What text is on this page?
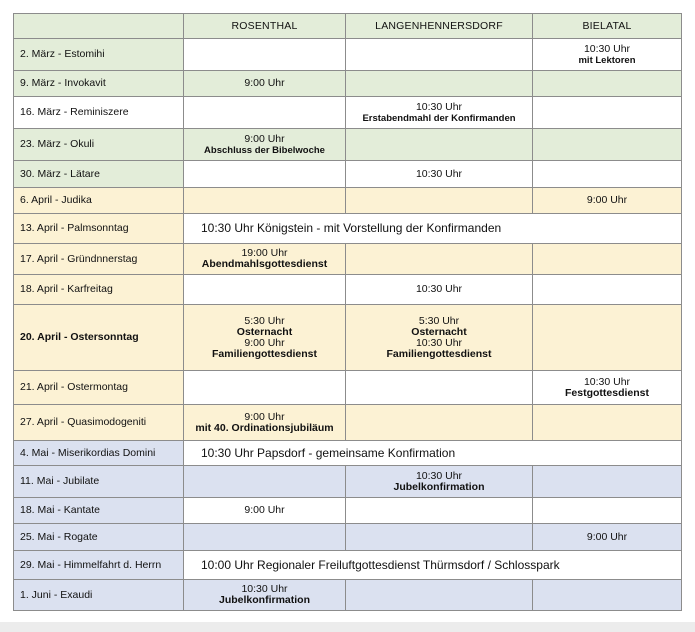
	ROSENTHAL	LANGENHENNERSDORF	BIELATAL
2. März - Estomihi			10:30 Uhr
mit Lektoren

9. März - Invokavit	9:00 Uhr		
16. März - Reminiszere		10:30 Uhr
Erstabendmahl der Konfirmanden	

23. März - Okuli	9:00 Uhr
Abschluss der Bibelwoche		

30. März - Lätare		10:30 Uhr	
6. April - Judika			9:00 Uhr
13. April - Palmsonntag	10:30 Uhr Königstein - mit Vorstellung der Konfirmanden		
17. April - Gründnnerstag	19:00 Uhr
Abendmahlsgottesdienst		

18. April - Karfreitag		10:30 Uhr	
20. April - Ostersonntag	5:30 Uhr
Osternacht
9:00 Uhr
Familiengottesdienst	5:30 Uhr
Osternacht
10:30 Uhr
Familiengottesdienst	

21. April - Ostermontag			10:30 Uhr
Festgottesdienst

27. April - Quasimodogeniti	9:00 Uhr
mit 40. Ordinationsjubiläum		

4. Mai - Miserikordias Domini	10:30 Uhr Papsdorf - gemeinsame Konfirmation		
11. Mai - Jubilate		10:30 Uhr
Jubelkonfirmation	

18. Mai - Kantate	9:00 Uhr		
25. Mai - Rogate			9:00 Uhr
29. Mai - Himmelfahrt d. Herrn	10:00 Uhr Regionaler Freiluftgottesdienst Thürmsdorf / Schlosspark		
1. Juni - Exaudi	10:30 Uhr
Jubelkonfirmation		
